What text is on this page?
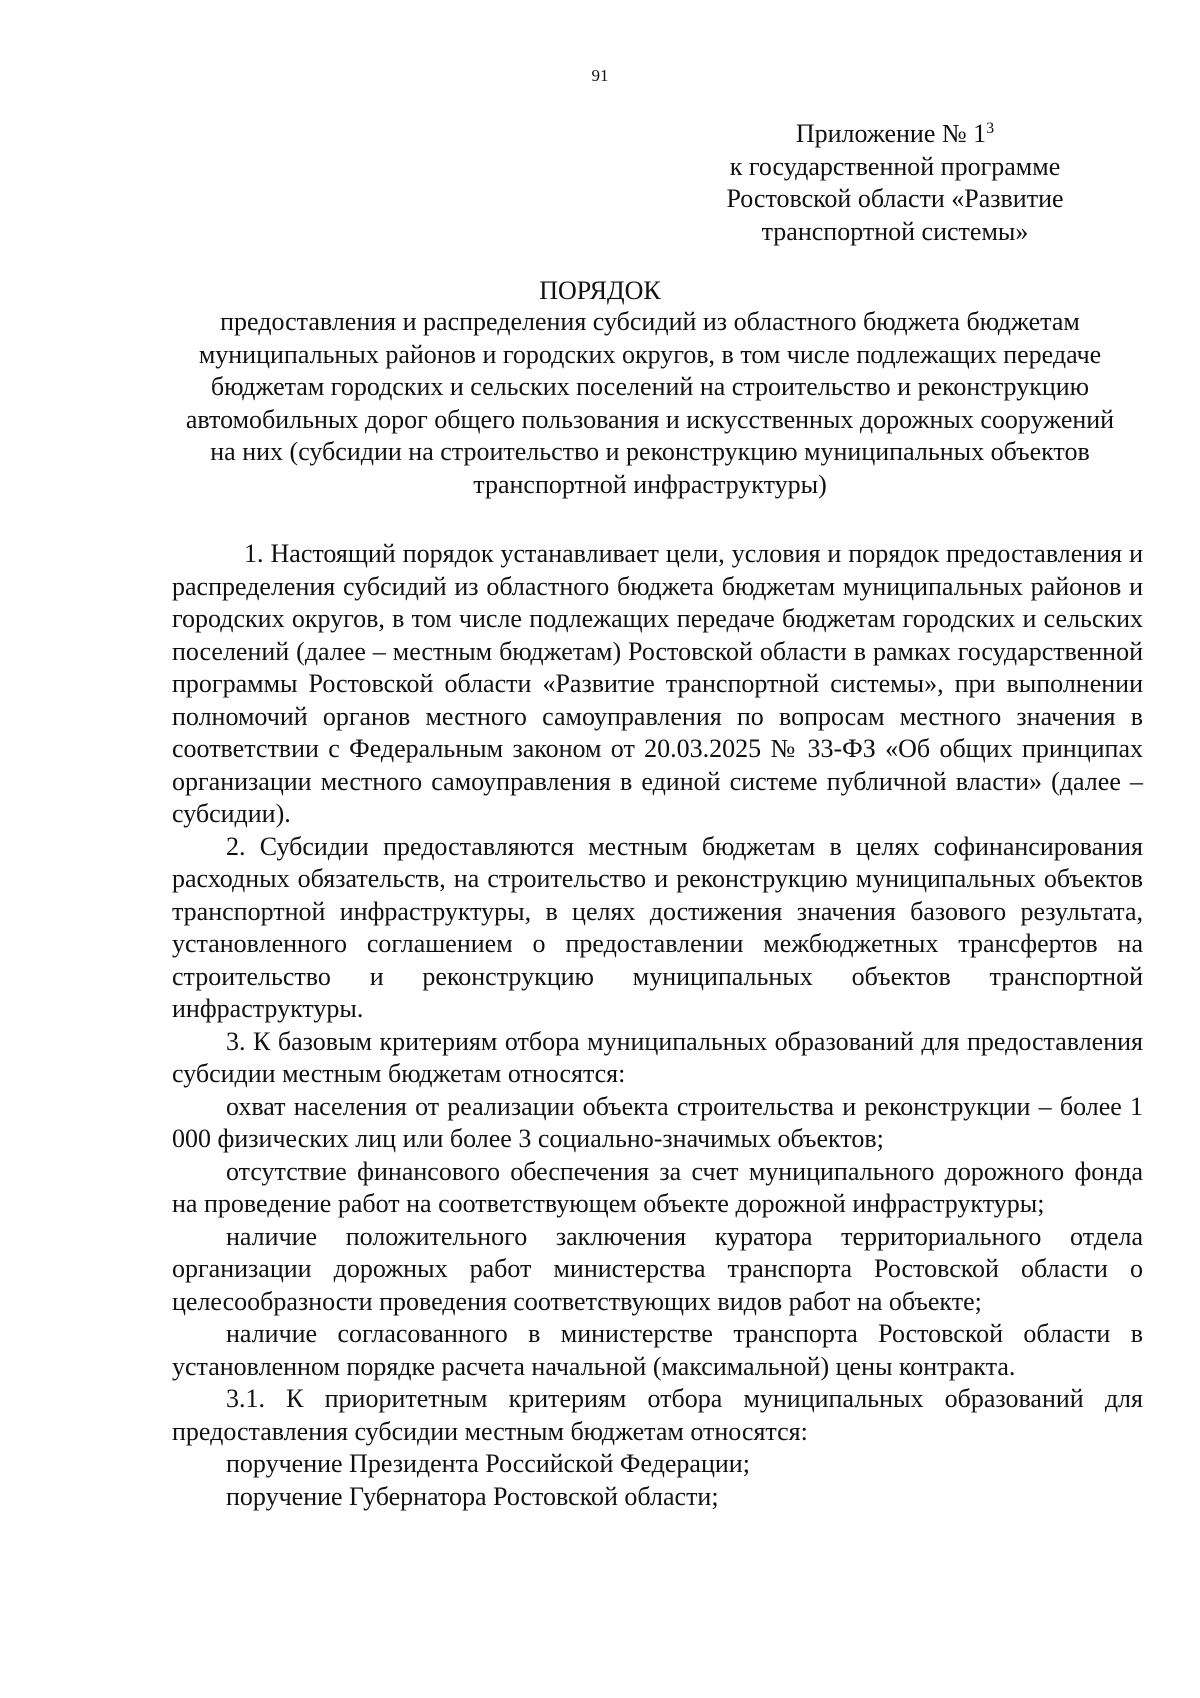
91
Приложение № $1^3$
к государственной программе
Ростовской области «Развитие
транспортной системы»
ПОРЯДОК
предоставления и распределения субсидий из областного бюджета бюджетам муниципальных районов и городских округов, в том числе подлежащих передаче бюджетам городских и сельских поселений на строительство и реконструкцию автомобильных дорог общего пользования и искусственных дорожных сооружений на них (субсидии на строительство и реконструкцию муниципальных объектов транспортной инфраструктуры)

1. Настоящий порядок устанавливает цели, условия и порядок предоставления и распределения субсидий из областного бюджета бюджетам муниципальных районов и городских округов, в том числе подлежащих передаче бюджетам городских и сельских поселений (далее – местным бюджетам) Ростовской области в рамках государственной программы Ростовской области «Развитие транспортной системы», при выполнении полномочий органов местного самоуправления по вопросам местного значения в соответствии с Федеральным законом от 20.03.2025 № 33-ФЗ «Об общих принципах организации местного самоуправления в единой системе публичной власти» (далее – субсидии).

2. Субсидии предоставляются местным бюджетам в целях софинансирования расходных обязательств, на строительство и реконструкцию муниципальных объектов транспортной инфраструктуры, в целях достижения значения базового результата, установленного соглашением о предоставлении межбюджетных трансфертов на строительство и реконструкцию муниципальных объектов транспортной инфраструктуры.

3. К базовым критериям отбора муниципальных образований для предоставления субсидии местным бюджетам относятся:

охват населения от реализации объекта строительства и реконструкции – более 1 000 физических лиц или более 3 социально-значимых объектов;

отсутствие финансового обеспечения за счет муниципального дорожного фонда на проведение работ на соответствующем объекте дорожной инфраструктуры;

наличие положительного заключения куратора территориального отдела организации дорожных работ министерства транспорта Ростовской области о целесообразности проведения соответствующих видов работ на объекте;

наличие согласованного в министерстве транспорта Ростовской области в установленном порядке расчета начальной (максимальной) цены контракта.

3.1. К приоритетным критериям отбора муниципальных образований для предоставления субсидии местным бюджетам относятся:

поручение Президента Российской Федерации;

поручение Губернатора Ростовской области;
